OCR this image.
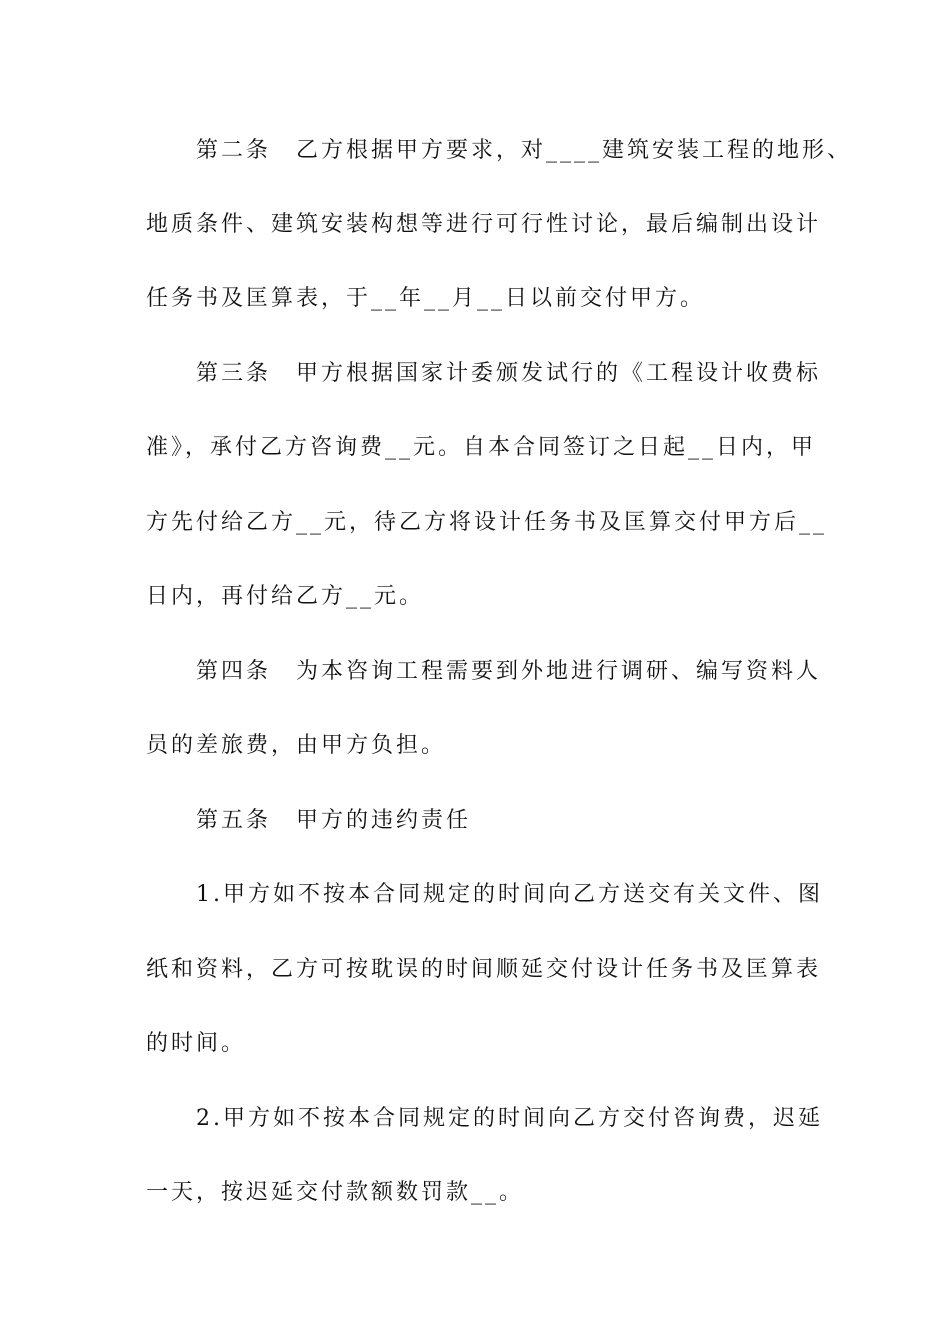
　　第二条　乙方根据甲方要求，对____建筑安装工程的地形、
地质条件、建筑安装构想等进行可行性讨论，最后编制出设计
任务书及匡算表，于__年__月__日以前交付甲方。
　　第三条　甲方根据国家计委颁发试行的《工程设计收费标
准》，承付乙方咨询费__元。自本合同签订之日起__日内，甲
方先付给乙方__元，待乙方将设计任务书及匡算交付甲方后__
日内，再付给乙方__元。
　　第四条　为本咨询工程需要到外地进行调研、编写资料人
员的差旅费，由甲方负担。
　　第五条　甲方的违约责任
　　1.甲方如不按本合同规定的时间向乙方送交有关文件、图
纸和资料，乙方可按耽误的时间顺延交付设计任务书及匡算表
的时间。
　　2.甲方如不按本合同规定的时间向乙方交付咨询费，迟延
一天，按迟延交付款额数罚款__。
